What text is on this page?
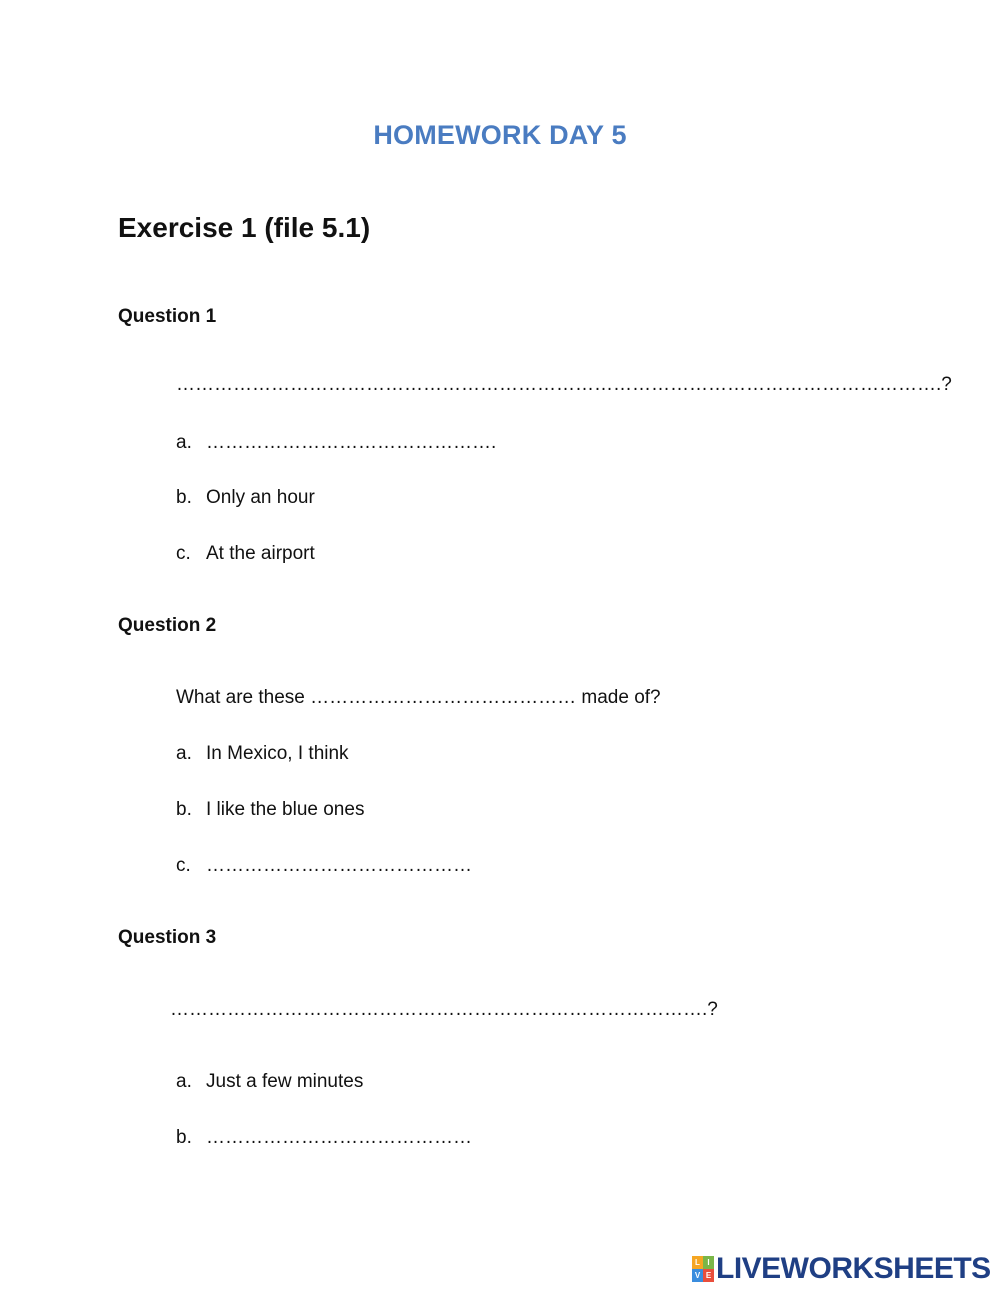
HOMEWORK DAY 5
Exercise 1 (file 5.1)
Question 1
………………………………………………………………………………………………………….?
a. ……………………………………….
b. Only an hour
c. At the airport
Question 2
What are these …………………………………… made of?
a. In Mexico, I think
b. I like the blue ones
c. ……………………………………
Question 3
………………………………………………………………………….?
a. Just a few minutes
b. ……………………………………
L I
V E LIVEWORKSHEETS
